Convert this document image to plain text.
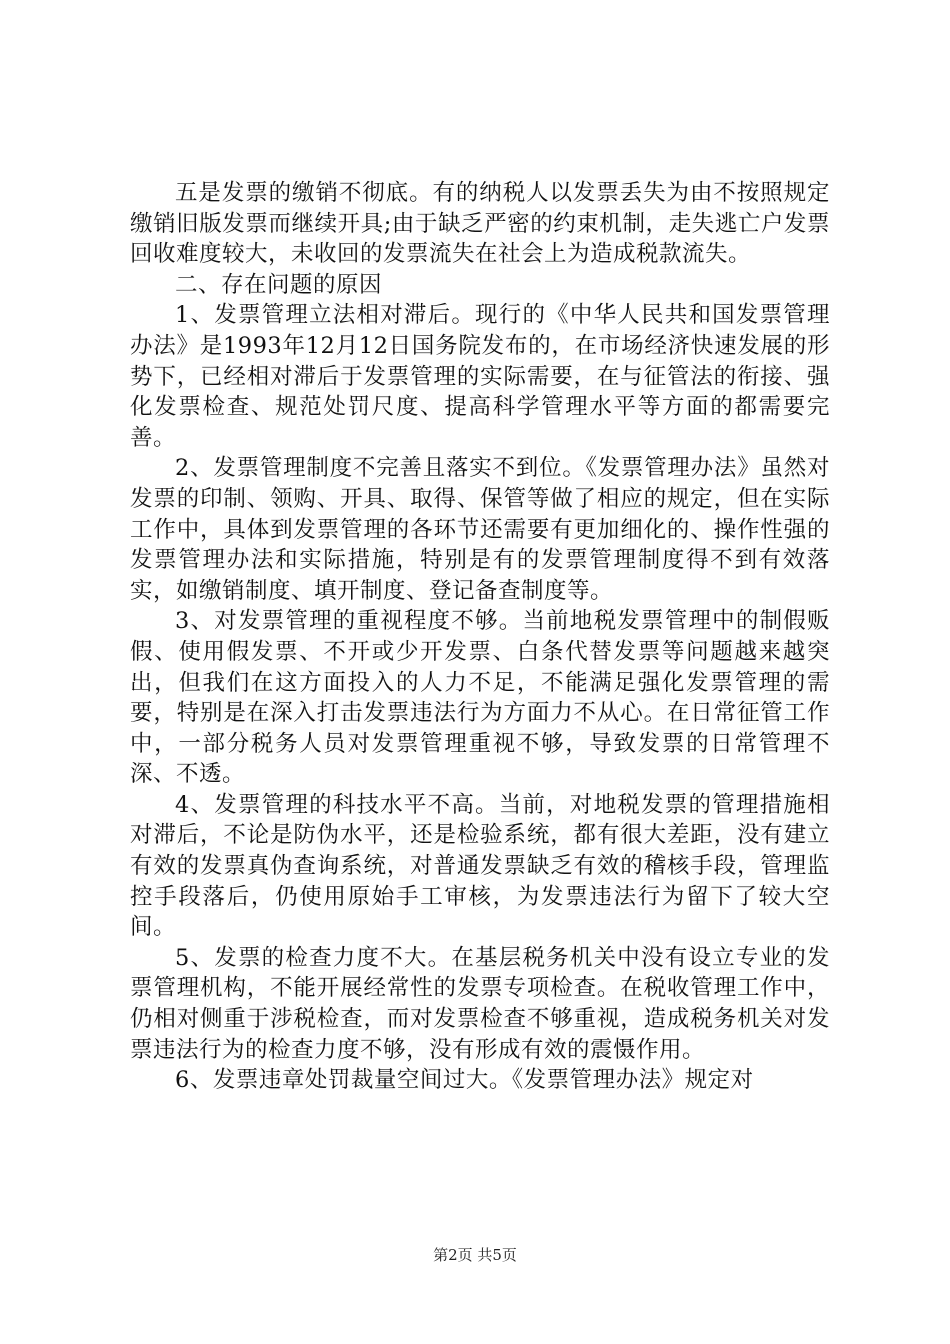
五是发票的缴销不彻底。有的纳税人以发票丢失为由不按照规定缴销旧版发票而继续开具;由于缺乏严密的约束机制，走失逃亡户发票回收难度较大，未收回的发票流失在社会上为造成税款流失。

二、存在问题的原因

1、发票管理立法相对滞后。现行的《中华人民共和国发票管理办法》是1993年12月12日国务院发布的，在市场经济快速发展的形势下，已经相对滞后于发票管理的实际需要，在与征管法的衔接、强化发票检查、规范处罚尺度、提高科学管理水平等方面的都需要完善。

2、发票管理制度不完善且落实不到位。《发票管理办法》虽然对发票的印制、领购、开具、取得、保管等做了相应的规定，但在实际工作中，具体到发票管理的各环节还需要有更加细化的、操作性强的发票管理办法和实际措施，特别是有的发票管理制度得不到有效落实，如缴销制度、填开制度、登记备查制度等。

3、对发票管理的重视程度不够。当前地税发票管理中的制假贩假、使用假发票、不开或少开发票、白条代替发票等问题越来越突出，但我们在这方面投入的人力不足，不能满足强化发票管理的需要，特别是在深入打击发票违法行为方面力不从心。在日常征管工作中，一部分税务人员对发票管理重视不够，导致发票的日常管理不深、不透。

4、发票管理的科技水平不高。当前，对地税发票的管理措施相对滞后，不论是防伪水平，还是检验系统，都有很大差距，没有建立有效的发票真伪查询系统，对普通发票缺乏有效的稽核手段，管理监控手段落后，仍使用原始手工审核，为发票违法行为留下了较大空间。

5、发票的检查力度不大。在基层税务机关中没有设立专业的发票管理机构，不能开展经常性的发票专项检查。在税收管理工作中，仍相对侧重于涉税检查，而对发票检查不够重视，造成税务机关对发票违法行为的检查力度不够，没有形成有效的震慑作用。

6、发票违章处罚裁量空间过大。《发票管理办法》规定对

第2页 共5页
